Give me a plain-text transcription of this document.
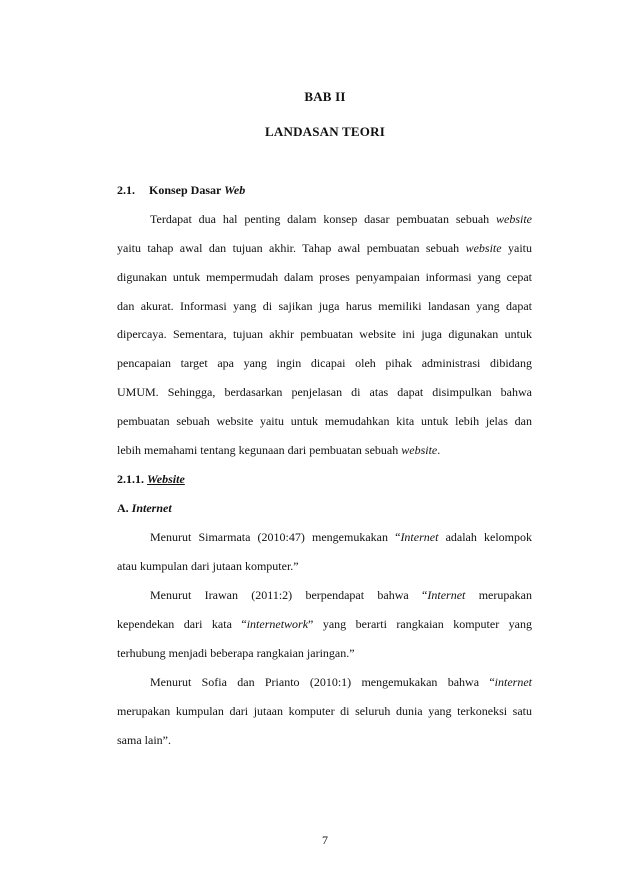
BAB II
LANDASAN TEORI
2.1. Konsep Dasar Web
Terdapat dua hal penting dalam konsep dasar pembuatan sebuah website
yaitu tahap awal dan tujuan akhir. Tahap awal pembuatan sebuah website yaitu
digunakan untuk mempermudah dalam proses penyampaian informasi yang cepat
dan akurat. Informasi yang di sajikan juga harus memiliki landasan yang dapat
dipercaya. Sementara, tujuan akhir pembuatan website ini juga digunakan untuk
pencapaian target apa yang ingin dicapai oleh pihak administrasi dibidang
UMUM. Sehingga, berdasarkan penjelasan di atas dapat disimpulkan bahwa
pembuatan sebuah website yaitu untuk memudahkan kita untuk lebih jelas dan
lebih memahami tentang kegunaan dari pembuatan sebuah website.
2.1.1. Website
A. Internet
Menurut Simarmata (2010:47) mengemukakan “Internet adalah kelompok
atau kumpulan dari jutaan komputer.”
Menurut Irawan (2011:2) berpendapat bahwa “Internet merupakan
kependekan dari kata “internetwork” yang berarti rangkaian komputer yang
terhubung menjadi beberapa rangkaian jaringan.”
Menurut Sofia dan Prianto (2010:1) mengemukakan bahwa “internet
merupakan kumpulan dari jutaan komputer di seluruh dunia yang terkoneksi satu
sama lain”.
7
